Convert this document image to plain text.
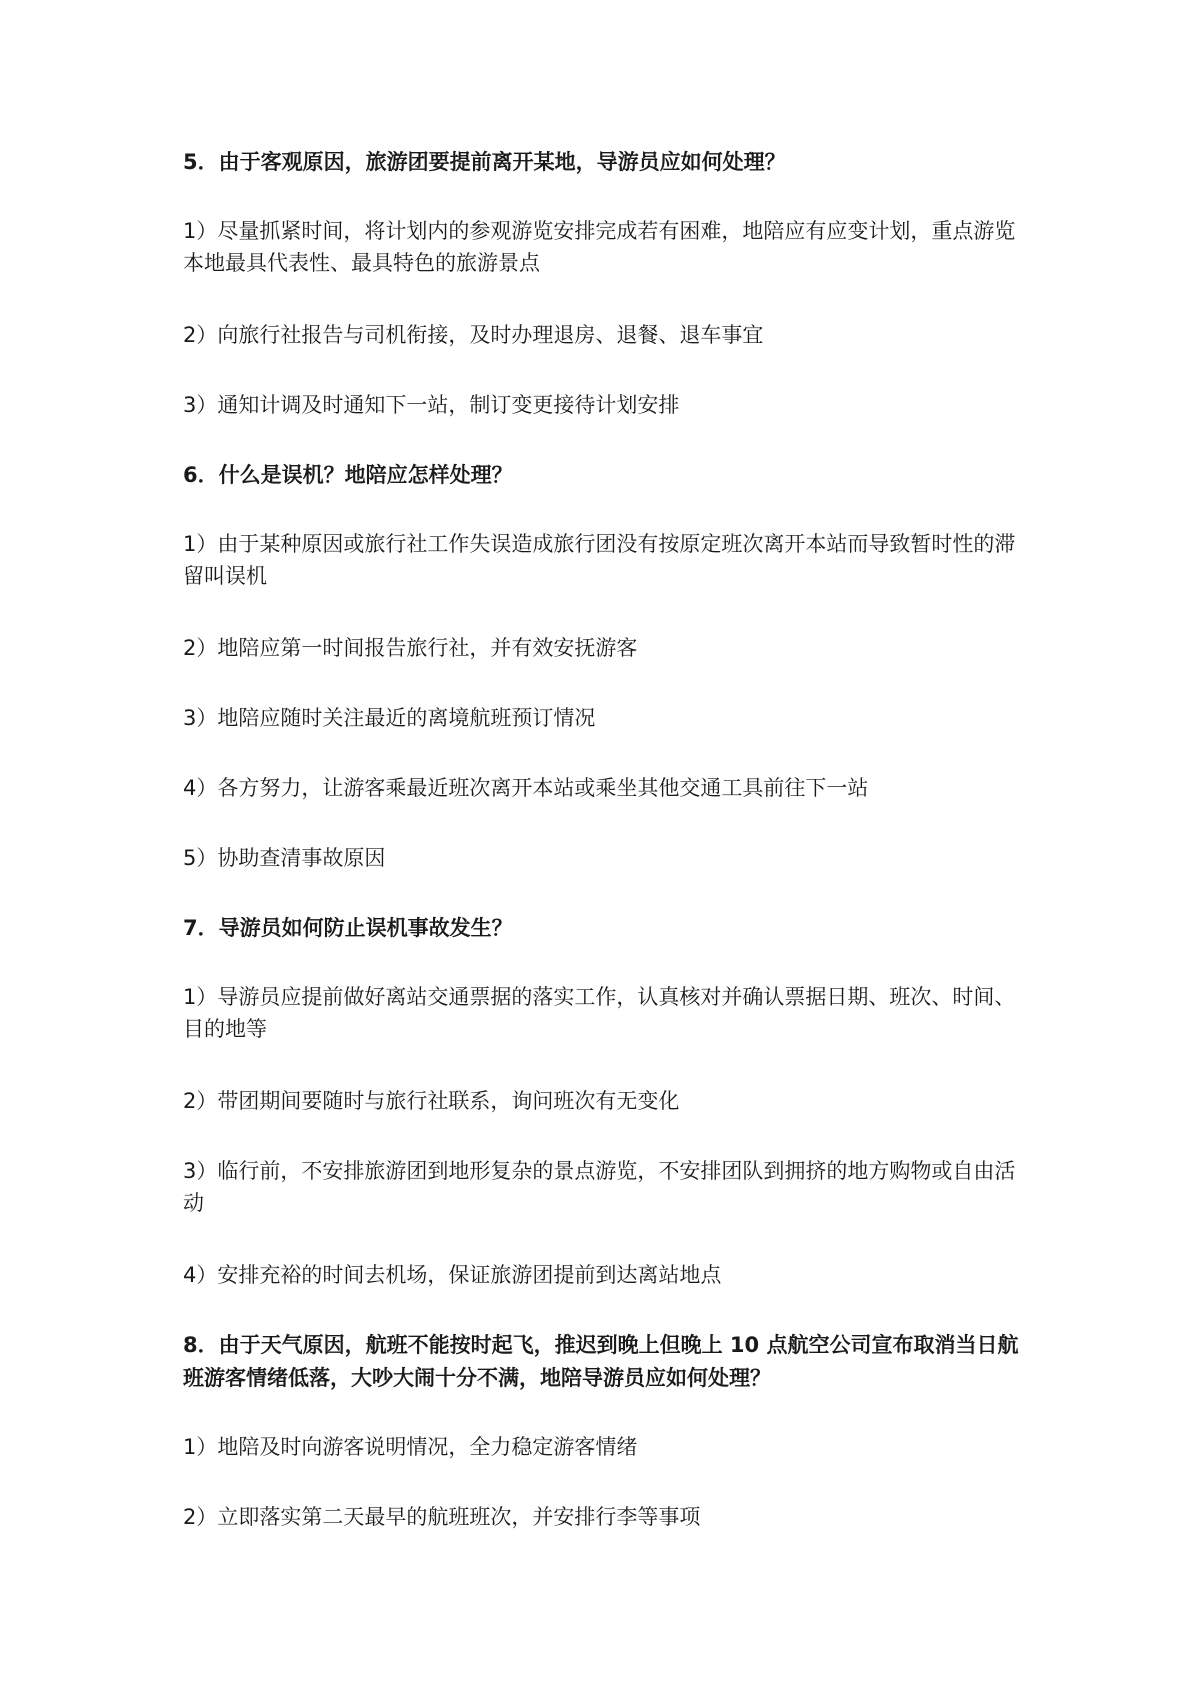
5．由于客观原因，旅游团要提前离开某地，导游员应如何处理？

1）尽量抓紧时间，将计划内的参观游览安排完成若有困难，地陪应有应变计划，重点游览本地最具代表性、最具特色的旅游景点

2）向旅行社报告与司机衔接，及时办理退房、退餐、退车事宜

3）通知计调及时通知下一站，制订变更接待计划安排

6．什么是误机？地陪应怎样处理？

1）由于某种原因或旅行社工作失误造成旅行团没有按原定班次离开本站而导致暂时性的滞留叫误机

2）地陪应第一时间报告旅行社，并有效安抚游客

3）地陪应随时关注最近的离境航班预订情况

4）各方努力，让游客乘最近班次离开本站或乘坐其他交通工具前往下一站

5）协助查清事故原因

7．导游员如何防止误机事故发生？

1）导游员应提前做好离站交通票据的落实工作，认真核对并确认票据日期、班次、时间、目的地等

2）带团期间要随时与旅行社联系，询问班次有无变化

3）临行前，不安排旅游团到地形复杂的景点游览，不安排团队到拥挤的地方购物或自由活动

4）安排充裕的时间去机场，保证旅游团提前到达离站地点

8．由于天气原因，航班不能按时起飞，推迟到晚上但晚上 10 点航空公司宣布取消当日航班游客情绪低落，大吵大闹十分不满，地陪导游员应如何处理？

1）地陪及时向游客说明情况，全力稳定游客情绪

2）立即落实第二天最早的航班班次，并安排行李等事项
